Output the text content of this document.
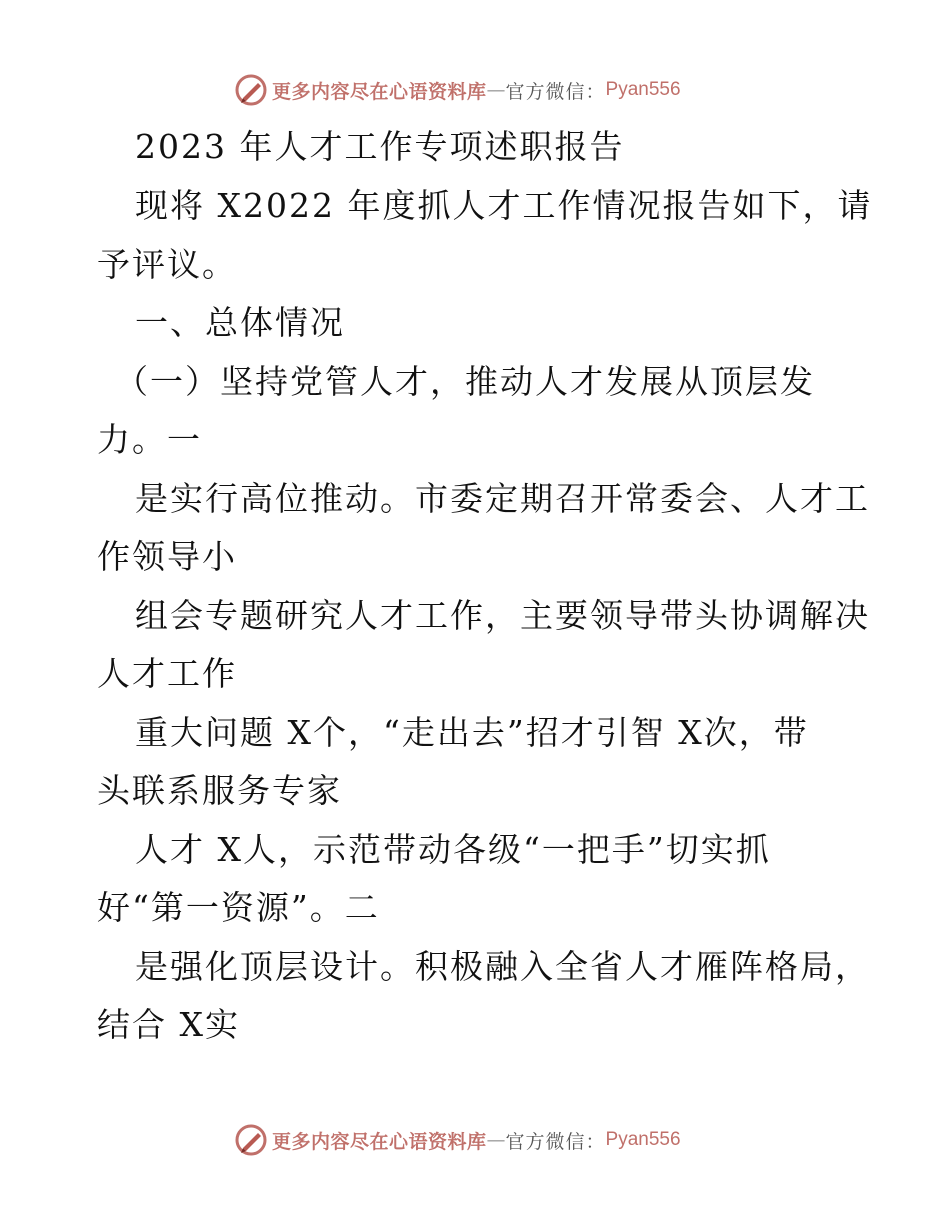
更多内容尽在心语资料库 — 官方微信： Pyan556
2023 年人才工作专项述职报告
现将 X2022 年度抓人才工作情况报告如下，请
予评议。
一、总体情况
（一）坚持党管人才，推动人才发展从顶层发
力。一
是实行高位推动。市委定期召开常委会、人才工
作领导小
组会专题研究人才工作，主要领导带头协调解决
人才工作
重大问题 X个，“走出去”招才引智 X次，带
头联系服务专家
人才 X人，示范带动各级“一把手”切实抓
好“第一资源”。二
是强化顶层设计。积极融入全省人才雁阵格局，
结合 X实
更多内容尽在心语资料库 — 官方微信： Pyan556
